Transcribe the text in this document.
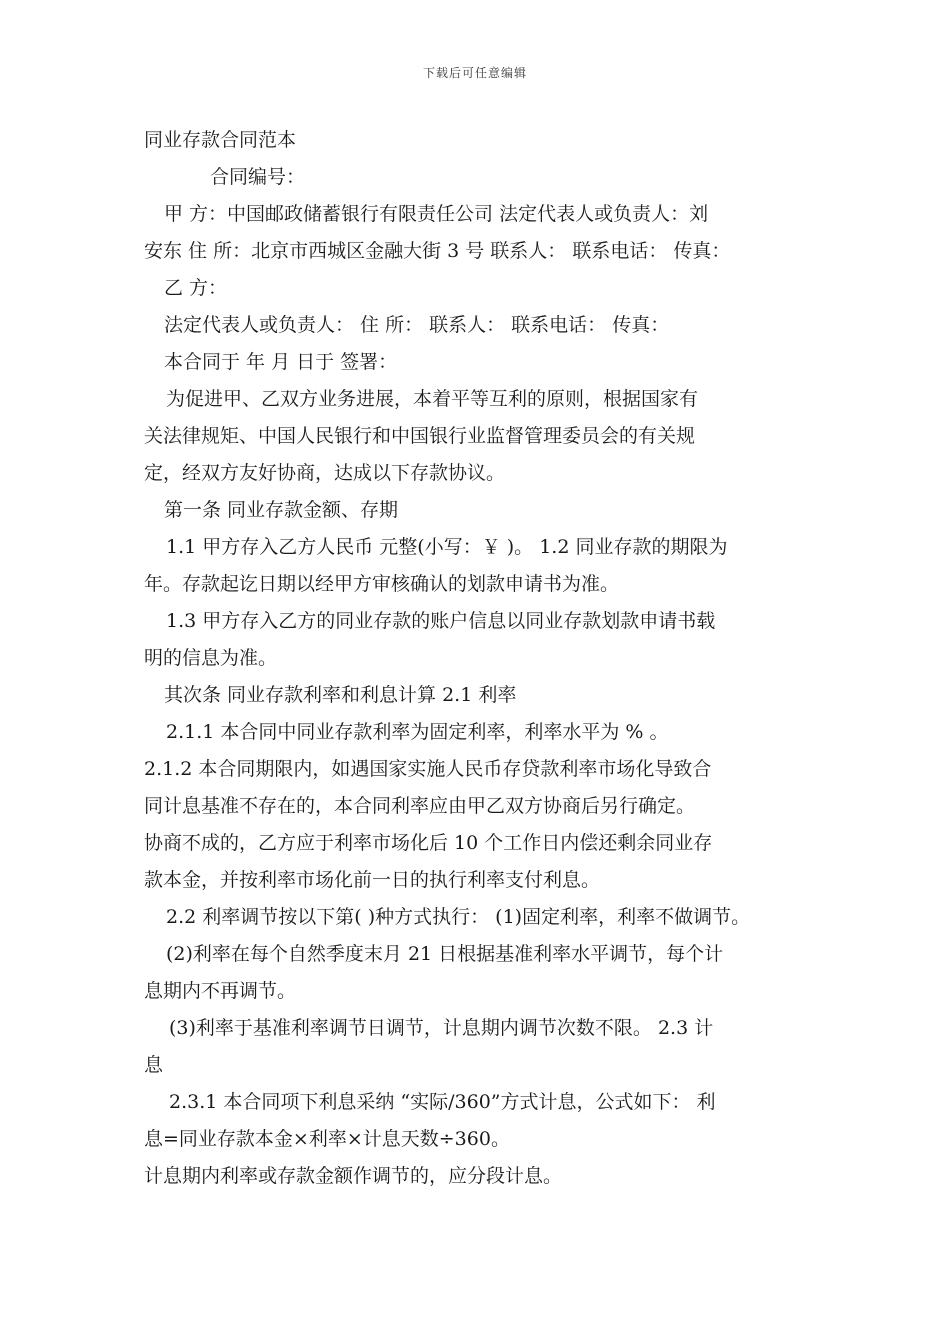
下载后可任意编辑
同业存款合同范本
合同编号：
甲 方：中国邮政储蓄银行有限责任公司 法定代表人或负责人：刘
安东 住 所：北京市西城区金融大街 3 号 联系人： 联系电话： 传真：
乙 方：
法定代表人或负责人： 住 所： 联系人： 联系电话： 传真：
本合同于 年 月 日于 签署：
为促进甲、乙双方业务进展，本着平等互利的原则，根据国家有
关法律规矩、中国人民银行和中国银行业监督管理委员会的有关规
定，经双方友好协商，达成以下存款协议。
第一条 同业存款金额、存期
1.1 甲方存入乙方人民币 元整(小写：￥ )。 1.2 同业存款的期限为
年。存款起讫日期以经甲方审核确认的划款申请书为准。
1.3 甲方存入乙方的同业存款的账户信息以同业存款划款申请书载
明的信息为准。
其次条 同业存款利率和利息计算 2.1 利率
2.1.1 本合同中同业存款利率为固定利率，利率水平为 % 。
2.1.2 本合同期限内，如遇国家实施人民币存贷款利率市场化导致合
同计息基准不存在的，本合同利率应由甲乙双方协商后另行确定。
协商不成的，乙方应于利率市场化后 10 个工作日内偿还剩余同业存
款本金，并按利率市场化前一日的执行利率支付利息。
2.2 利率调节按以下第( )种方式执行： (1)固定利率，利率不做调节。
(2)利率在每个自然季度末月 21 日根据基准利率水平调节，每个计
息期内不再调节。
(3)利率于基准利率调节日调节，计息期内调节次数不限。 2.3 计
息
2.3.1 本合同项下利息采纳 “实际/360”方式计息，公式如下： 利
息=同业存款本金×利率×计息天数÷360。
计息期内利率或存款金额作调节的，应分段计息。
